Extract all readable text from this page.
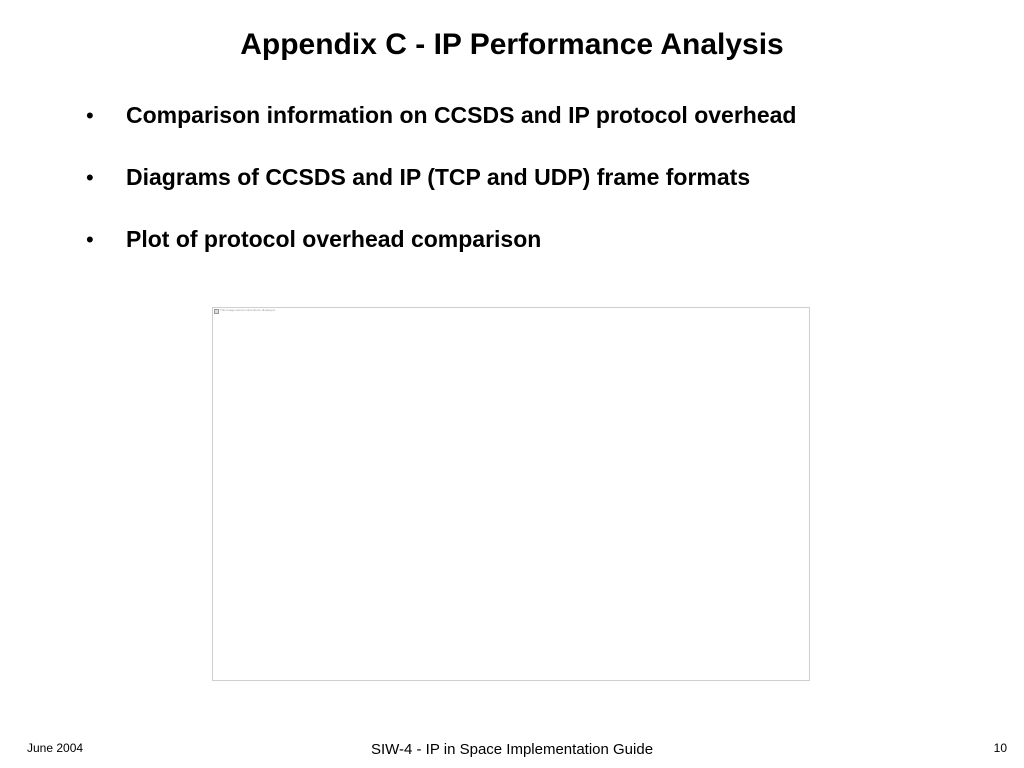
Appendix C - IP Performance Analysis
•	Comparison information on CCSDS and IP protocol overhead
•	Diagrams of CCSDS and IP (TCP and UDP) frame formats
•	Plot of protocol overhead comparison
This image cannot currently be displayed.
June 2004	SIW-4 - IP in Space Implementation Guide	10
